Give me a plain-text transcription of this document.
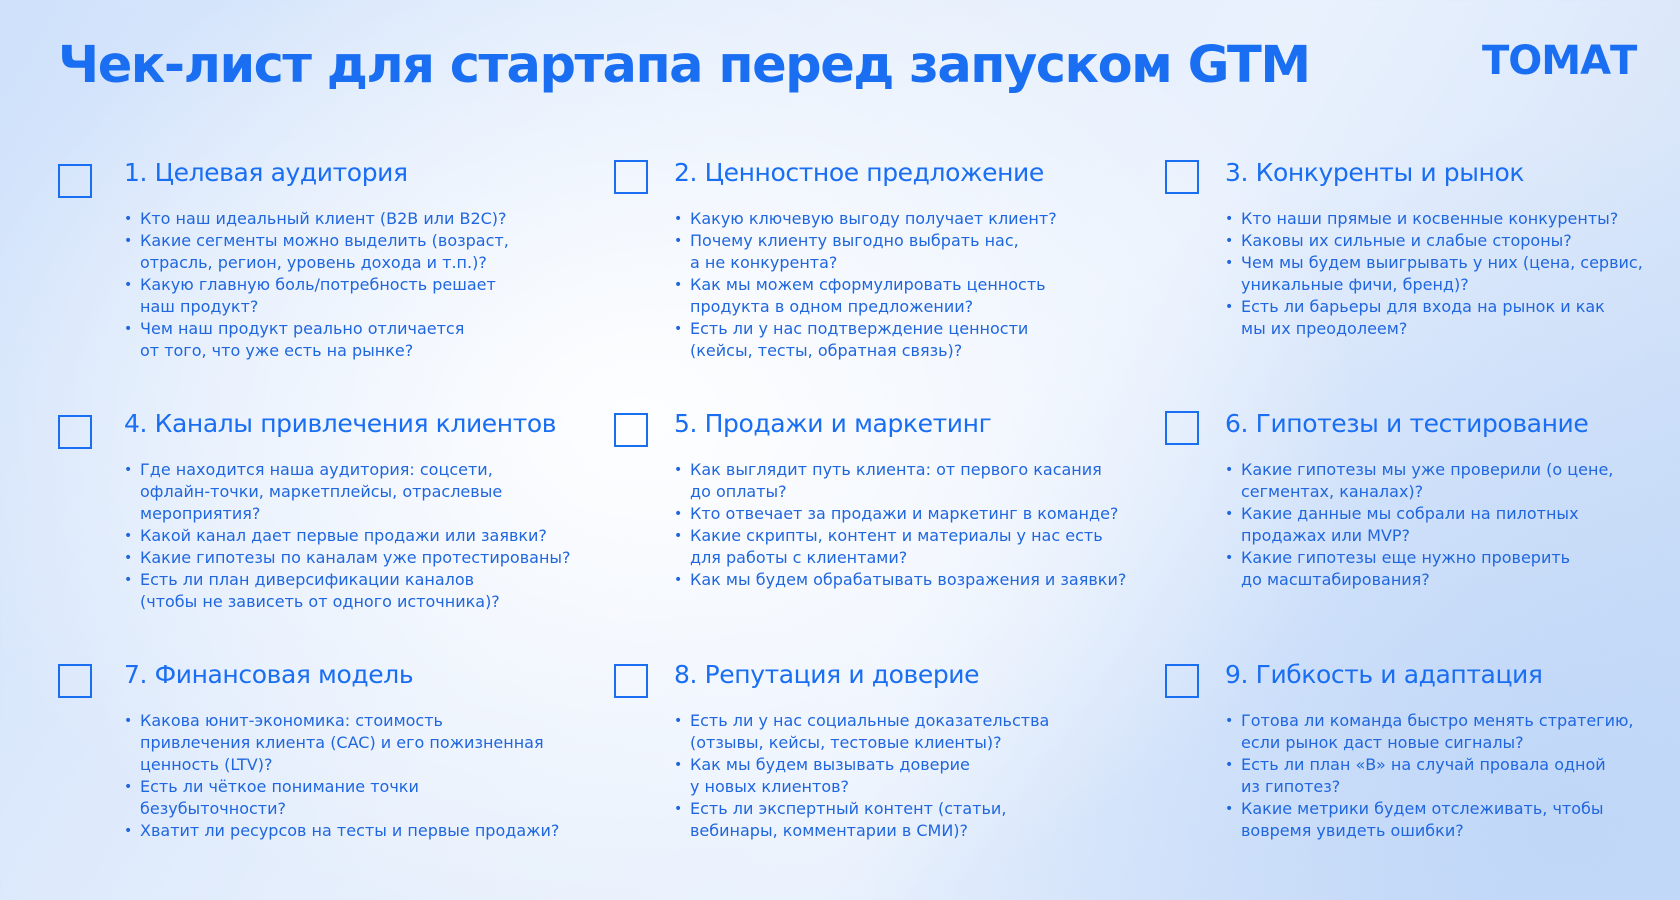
Чек-лист для стартапа перед запуском GTM	ТОМАТ
1. Целевая аудитория
• Кто наш идеальный клиент (B2B или B2C)?
• Какие сегменты можно выделить (возраст,
отрасль, регион, уровень дохода и т.п.)?
• Какую главную боль/потребность решает
наш продукт?
• Чем наш продукт реально отличается
от того, что уже есть на рынке?
2. Ценностное предложение
• Какую ключевую выгоду получает клиент?
• Почему клиенту выгодно выбрать нас,
а не конкурента?
• Как мы можем сформулировать ценность
продукта в одном предложении?
• Есть ли у нас подтверждение ценности
(кейсы, тесты, обратная связь)?
3. Конкуренты и рынок
• Кто наши прямые и косвенные конкуренты?
• Каковы их сильные и слабые стороны?
• Чем мы будем выигрывать у них (цена, сервис,
уникальные фичи, бренд)?
• Есть ли барьеры для входа на рынок и как
мы их преодолеем?
4. Каналы привлечения клиентов
• Где находится наша аудитория: соцсети,
офлайн-точки, маркетплейсы, отраслевые
мероприятия?
• Какой канал дает первые продажи или заявки?
• Какие гипотезы по каналам уже протестированы?
• Есть ли план диверсификации каналов
(чтобы не зависеть от одного источника)?
5. Продажи и маркетинг
• Как выглядит путь клиента: от первого касания
до оплаты?
• Кто отвечает за продажи и маркетинг в команде?
• Какие скрипты, контент и материалы у нас есть
для работы с клиентами?
• Как мы будем обрабатывать возражения и заявки?
6. Гипотезы и тестирование
• Какие гипотезы мы уже проверили (о цене,
сегментах, каналах)?
• Какие данные мы собрали на пилотных
продажах или MVP?
• Какие гипотезы еще нужно проверить
до масштабирования?
7. Финансовая модель
• Какова юнит-экономика: стоимость
привлечения клиента (CAC) и его пожизненная
ценность (LTV)?
• Есть ли чёткое понимание точки
безубыточности?
• Хватит ли ресурсов на тесты и первые продажи?
8. Репутация и доверие
• Есть ли у нас социальные доказательства
(отзывы, кейсы, тестовые клиенты)?
• Как мы будем вызывать доверие
у новых клиентов?
• Есть ли экспертный контент (статьи,
вебинары, комментарии в СМИ)?
9. Гибкость и адаптация
• Готова ли команда быстро менять стратегию,
если рынок даст новые сигналы?
• Есть ли план «B» на случай провала одной
из гипотез?
• Какие метрики будем отслеживать, чтобы
вовремя увидеть ошибки?
